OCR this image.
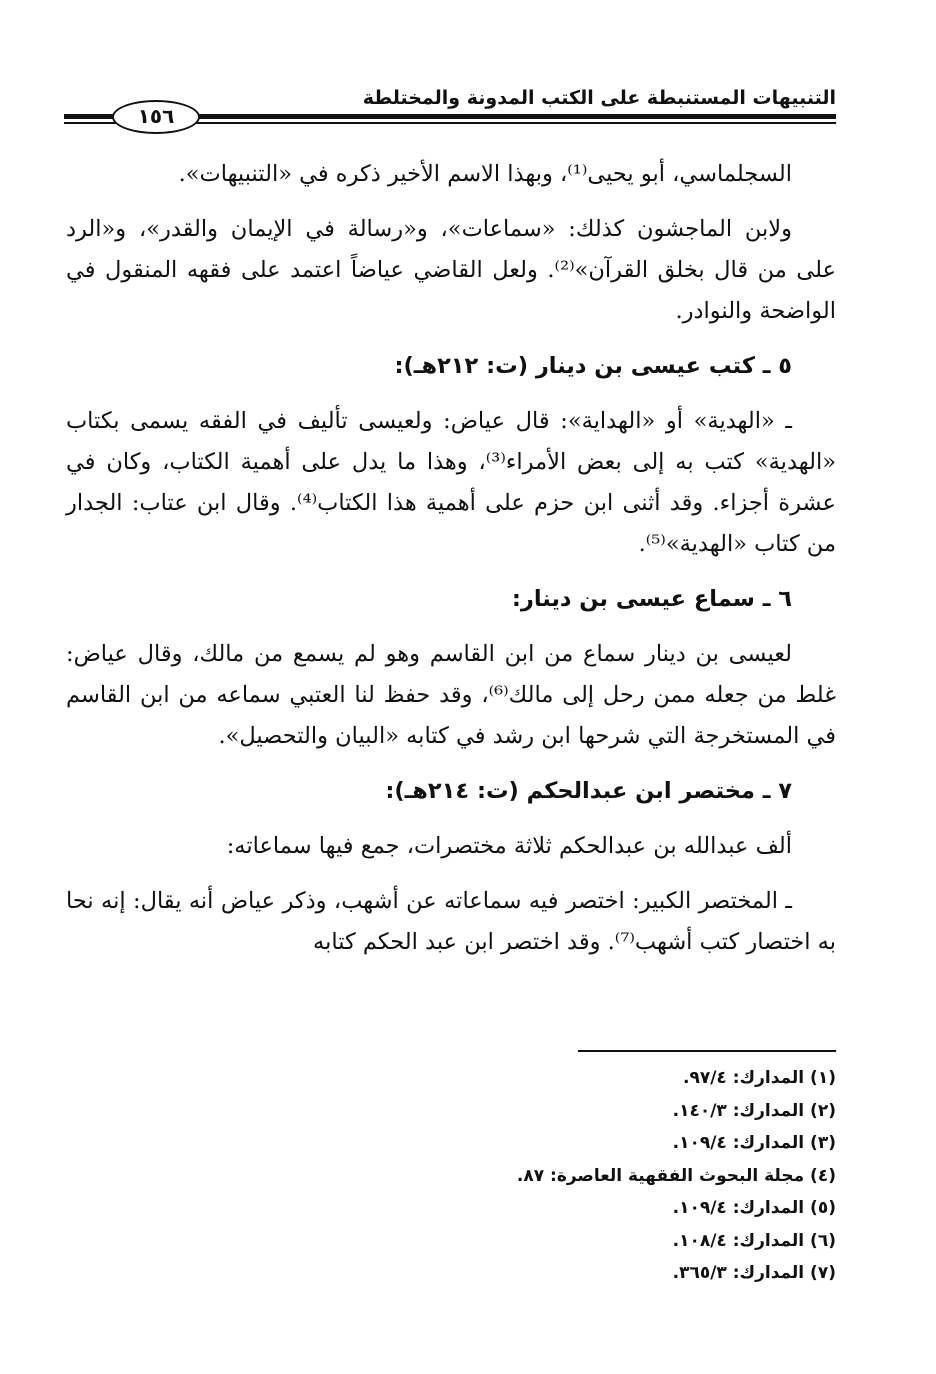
التنبيهات المستنبطة على الكتب المدونة والمختلطة
١٥٦

السجلماسي، أبو يحيى⁽¹⁾، وبهذا الاسم الأخير ذكره في «التنبيهات».

ولابن الماجشون كذلك: «سماعات»، و«رسالة في الإيمان والقدر»، و«الرد على من قال بخلق القرآن»⁽²⁾. ولعل القاضي عياضاً اعتمد على فقهه المنقول في الواضحة والنوادر.

٥ ـ كتب عيسى بن دينار (ت: ٢١٢هـ):

ـ «الهدية» أو «الهداية»: قال عياض: ولعيسى تأليف في الفقه يسمى بكتاب «الهدية» كتب به إلى بعض الأمراء⁽³⁾، وهذا ما يدل على أهمية الكتاب، وكان في عشرة أجزاء. وقد أثنى ابن حزم على أهمية هذا الكتاب⁽⁴⁾. وقال ابن عتاب: الجدار من كتاب «الهدية»⁽⁵⁾.

٦ ـ سماع عيسى بن دينار:

لعيسى بن دينار سماع من ابن القاسم وهو لم يسمع من مالك، وقال عياض: غلط من جعله ممن رحل إلى مالك⁽⁶⁾، وقد حفظ لنا العتبي سماعه من ابن القاسم في المستخرجة التي شرحها ابن رشد في كتابه «البيان والتحصيل».

٧ ـ مختصر ابن عبدالحكم (ت: ٢١٤هـ):

ألف عبدالله بن عبدالحكم ثلاثة مختصرات، جمع فيها سماعاته:

ـ المختصر الكبير: اختصر فيه سماعاته عن أشهب، وذكر عياض أنه يقال: إنه نحا به اختصار كتب أشهب⁽⁷⁾. وقد اختصر ابن عبد الحكم كتابه

(١) المدارك: ٩٧/٤.
(٢) المدارك: ١٤٠/٣.
(٣) المدارك: ١٠٩/٤.
(٤) مجلة البحوث الفقهية العاصرة: ٨٧.
(٥) المدارك: ١٠٩/٤.
(٦) المدارك: ١٠٨/٤.
(٧) المدارك: ٣٦٥/٣.
